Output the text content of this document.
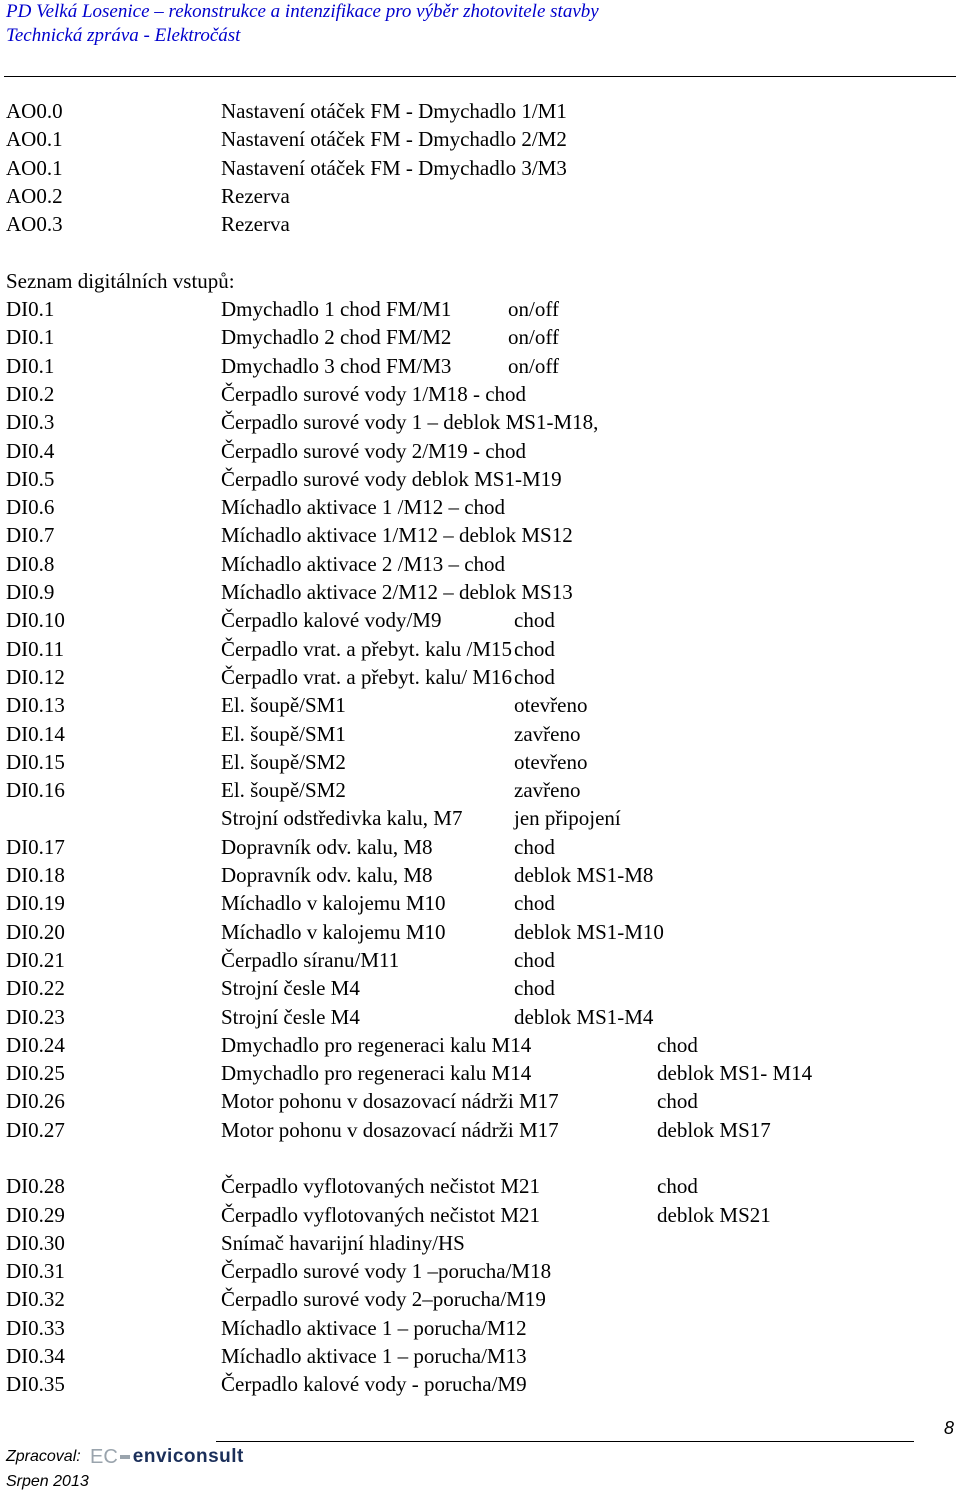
PD Velká Losenice – rekonstrukce a intenzifikace pro výběr zhotovitele stavby
Technická zpráva - Elektročást
AO0.0	Nastavení otáček FM - Dmychadlo 1/M1
AO0.1	Nastavení otáček FM - Dmychadlo 2/M2
AO0.1	Nastavení otáček FM - Dmychadlo 3/M3
AO0.2	Rezerva
AO0.3	Rezerva
Seznam digitálních vstupů:
DI0.1	Dmychadlo 1 chod FM/M1	on/off
DI0.1	Dmychadlo 2 chod FM/M2	on/off
DI0.1	Dmychadlo 3 chod FM/M3	on/off
DI0.2	Čerpadlo surové vody 1/M18 - chod
DI0.3	Čerpadlo surové vody 1 – deblok MS1-M18,
DI0.4	Čerpadlo surové vody 2/M19 - chod
DI0.5	Čerpadlo surové vody deblok MS1-M19
DI0.6	Míchadlo aktivace 1 /M12 – chod
DI0.7	Míchadlo aktivace 1/M12 – deblok MS12
DI0.8	Míchadlo aktivace 2 /M13 – chod
DI0.9	Míchadlo aktivace 2/M12 – deblok MS13
DI0.10	Čerpadlo kalové vody/M9	chod
DI0.11	Čerpadlo vrat. a přebyt. kalu /M15 chod
DI0.12	Čerpadlo vrat. a přebyt. kalu/ M16 chod
DI0.13	El. šoupě/SM1	otevřeno
DI0.14	El. šoupě/SM1	zavřeno
DI0.15	El. šoupě/SM2	otevřeno
DI0.16	El. šoupě/SM2	zavřeno
Strojní odstředivka kalu, M7 jen připojení
DI0.17	Dopravník odv. kalu, M8	chod
DI0.18	Dopravník odv. kalu, M8	deblok MS1-M8
DI0.19	Míchadlo v kalojemu M10	chod
DI0.20	Míchadlo v kalojemu M10	deblok MS1-M10
DI0.21	Čerpadlo síranu/M11	chod
DI0.22	Strojní česle M4	chod
DI0.23	Strojní česle M4	deblok MS1-M4
DI0.24	Dmychadlo pro regeneraci kalu M14	chod
DI0.25	Dmychadlo pro regeneraci kalu M14	deblok MS1- M14
DI0.26	Motor pohonu v dosazovací nádrži M17	chod
DI0.27	Motor pohonu v dosazovací nádrži M17	deblok MS17
DI0.28	Čerpadlo vyflotovaných nečistot M21	chod
DI0.29	Čerpadlo vyflotovaných nečistot M21	deblok MS21
DI0.30	Snímač havarijní hladiny/HS
DI0.31	Čerpadlo surové vody 1 –porucha/M18
DI0.32	Čerpadlo surové vody 2–porucha/M19
DI0.33	Míchadlo aktivace 1 – porucha/M12
DI0.34	Míchadlo aktivace 1 – porucha/M13
DI0.35	Čerpadlo kalové vody - porucha/M9
8
Zpracoval: EC enviconsult
Srpen 2013
